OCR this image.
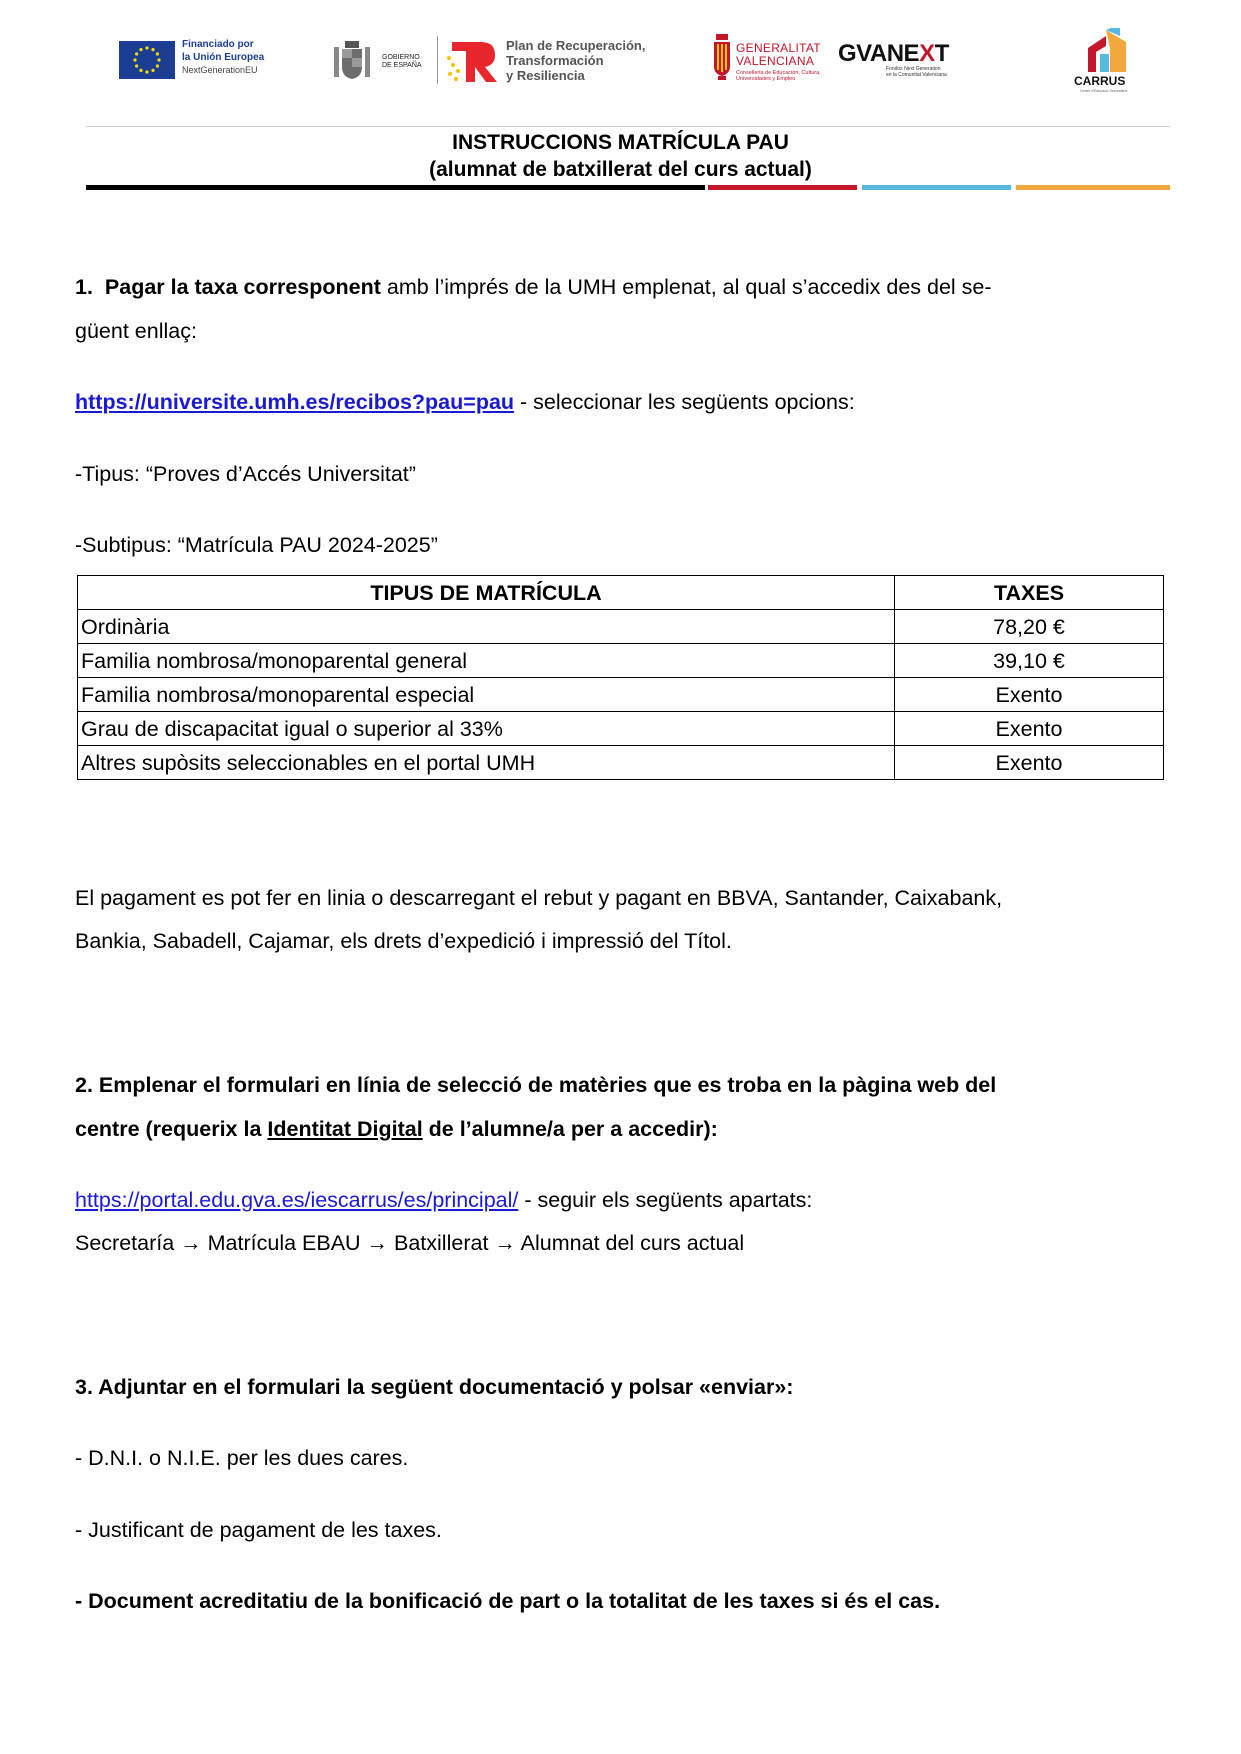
Financiado por
la Unión Europea
NextGenerationEU
GOBIERNO
DE ESPAÑA
Plan de Recuperación,
Transformación
y Resiliencia
GENERALITAT
VALENCIANA
Conselleria de Educación, Cultura,
Universidades y Empleo
GVANEXT
Fondos Next Generation
en la Comunitat Valenciana	CARRUS
Centre d'Educació Secundària
INSTRUCCIONS MATRÍCULA PAU
(alumnat de batxillerat del curs actual)
1. Pagar la taxa corresponent amb l’imprés de la UMH emplenat, al qual s’accedix des del se-
güent enllaç:
https://universite.umh.es/recibos?pau=pau - seleccionar les següents opcions:
-Tipus: “Proves d’Accés Universitat”
-Subtipus: “Matrícula PAU 2024-2025”
TIPUS DE MATRÍCULA	TAXES
Ordinària	78,20 €
Familia nombrosa/monoparental general	39,10 €
Familia nombrosa/monoparental especial	Exento
Grau de discapacitat igual o superior al 33%	Exento
Altres supòsits seleccionables en el portal UMH	Exento
El pagament es pot fer en linia o descarregant el rebut y pagant en BBVA, Santander, Caixabank,
Bankia, Sabadell, Cajamar, els drets d’expedició i impressió del Títol.
2. Emplenar el formulari en línia de selecció de matèries que es troba en la pàgina web del
centre (requerix la Identitat Digital de l’alumne/a per a accedir):
https://portal.edu.gva.es/iescarrus/es/principal/ - seguir els següents apartats:
Secretaría → Matrícula EBAU → Batxillerat → Alumnat del curs actual
3. Adjuntar en el formulari la següent documentació y polsar «enviar»:
- D.N.I. o N.I.E. per les dues cares.
- Justificant de pagament de les taxes.
- Document acreditatiu de la bonificació de part o la totalitat de les taxes si és el cas.
